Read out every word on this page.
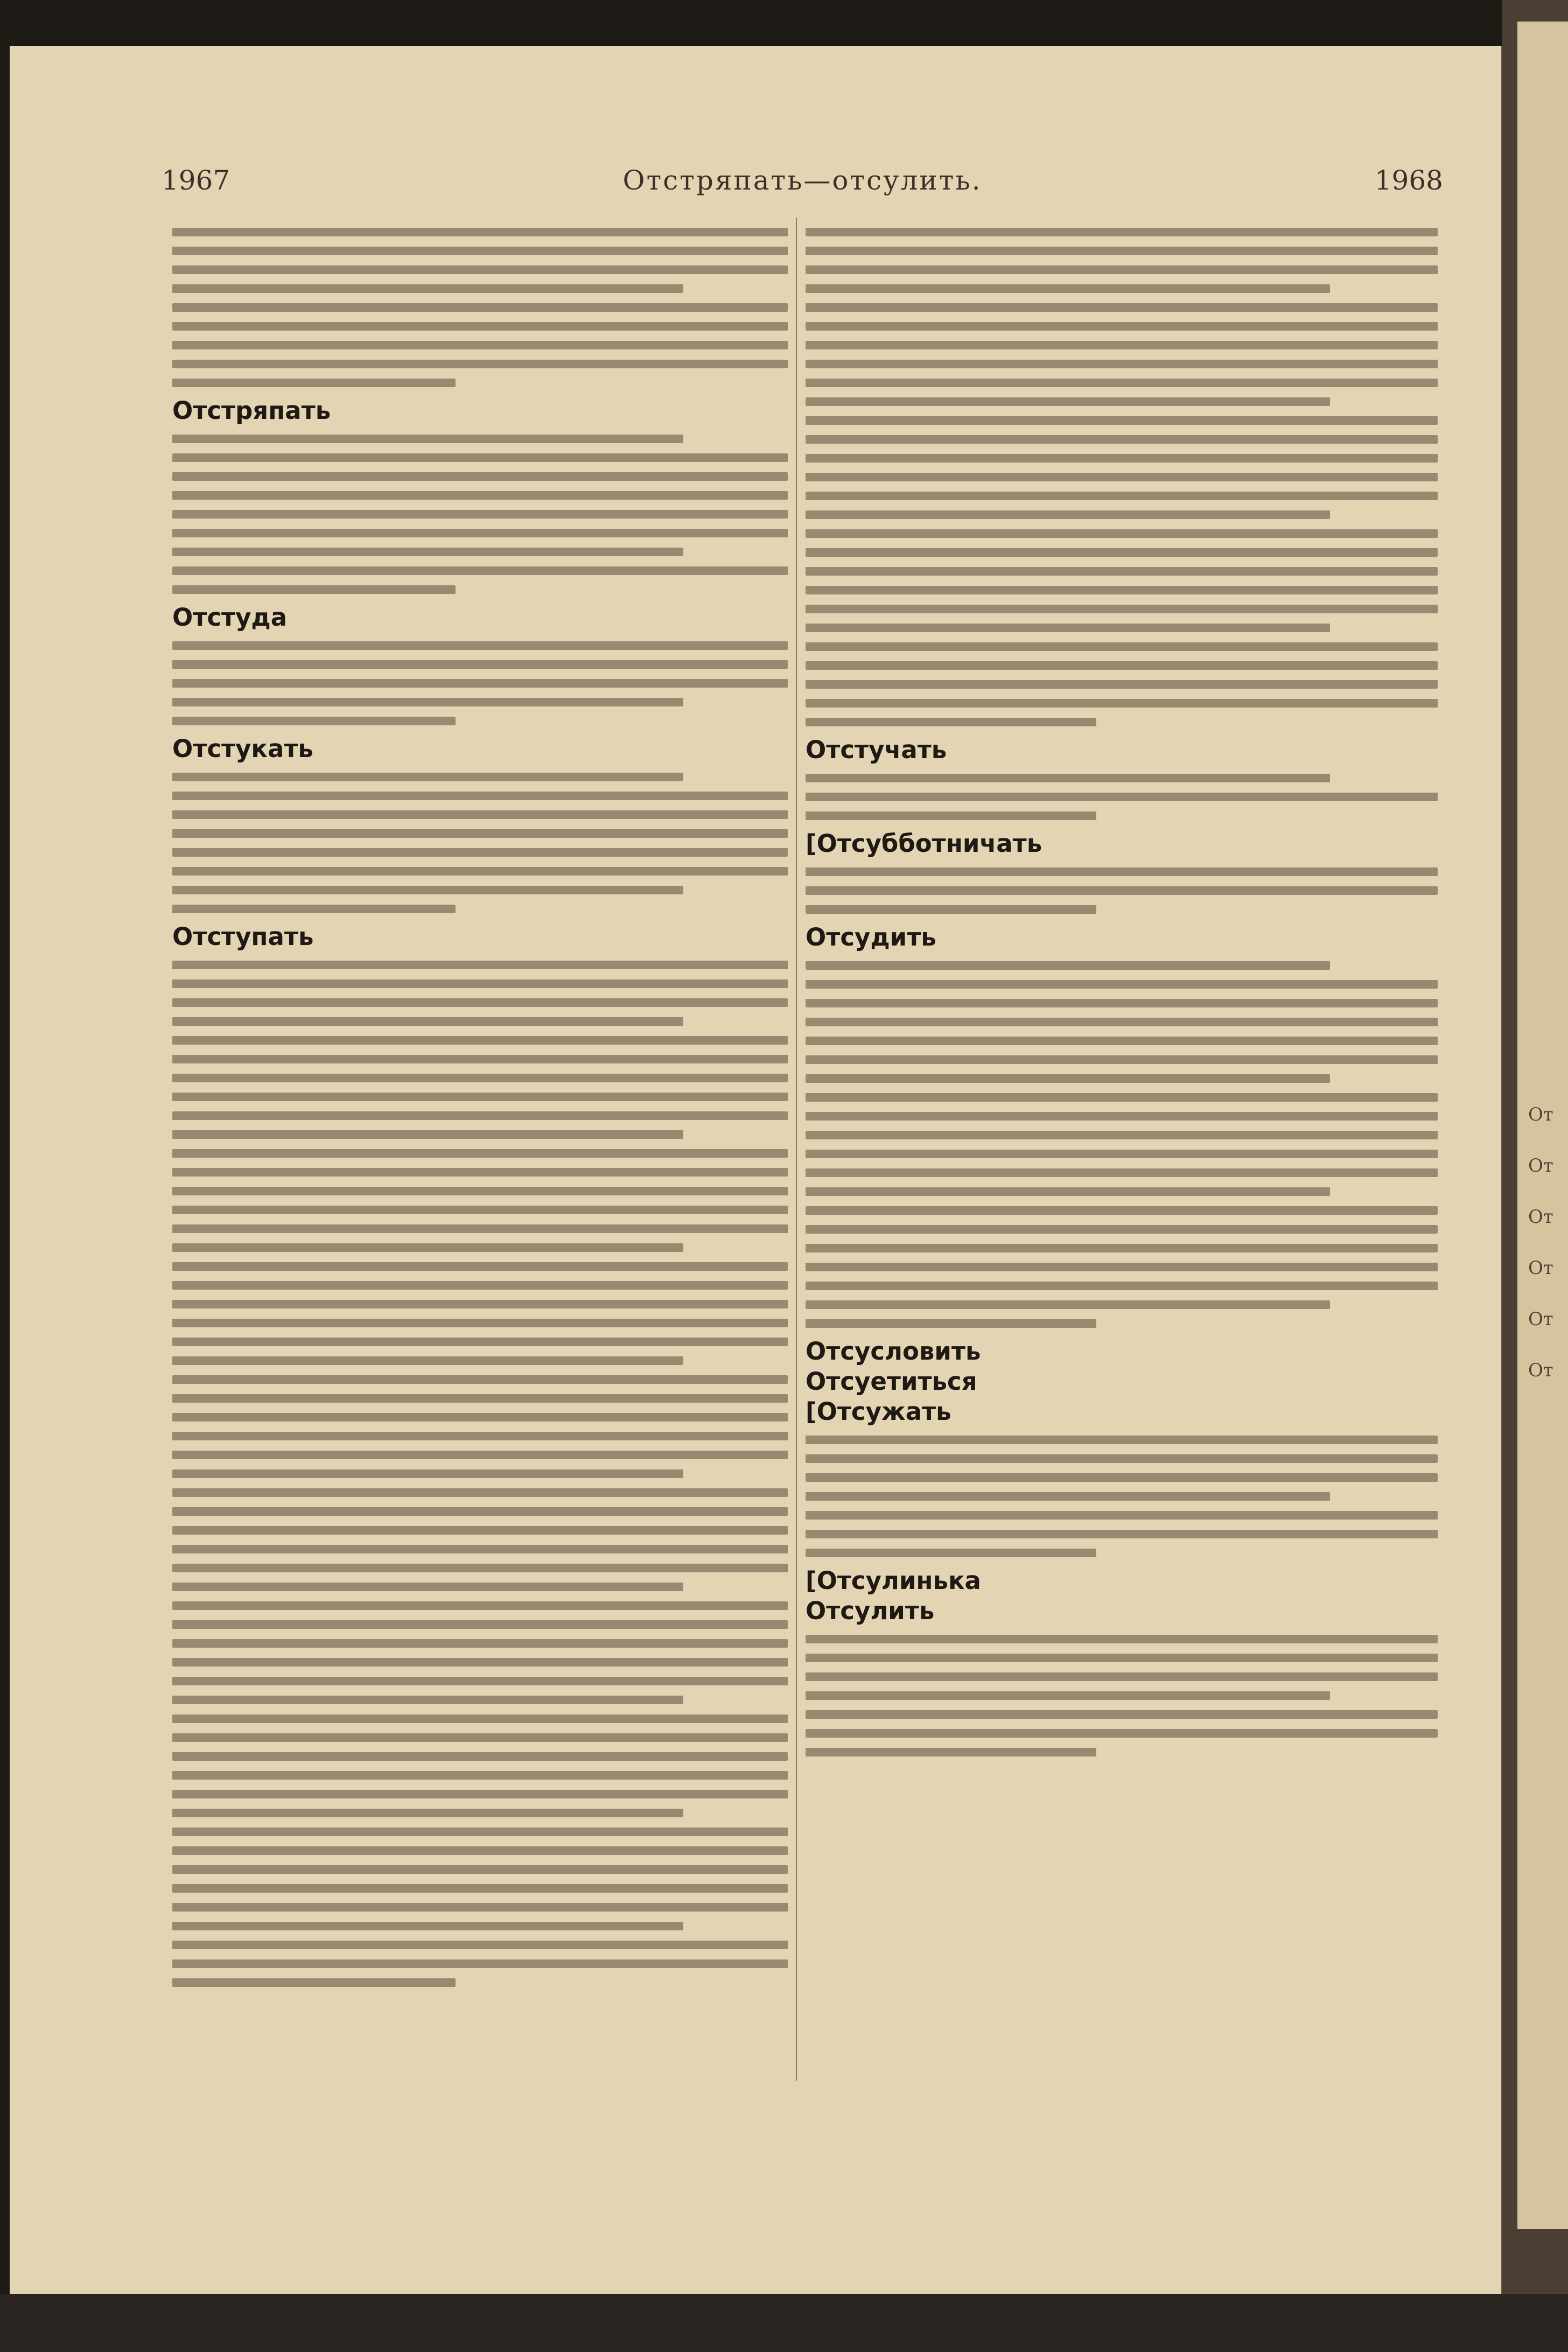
1967	Отстряпать—отсулить.	1968
Отстряпать
Отстуда
Отстукать
Отступать
Отстучать
[Отсубботничать
Отсудить
Отсусловить
Отсуетиться
[Отсужать
[Отсулинька
Отсулить
От
От
От
От
От
От
